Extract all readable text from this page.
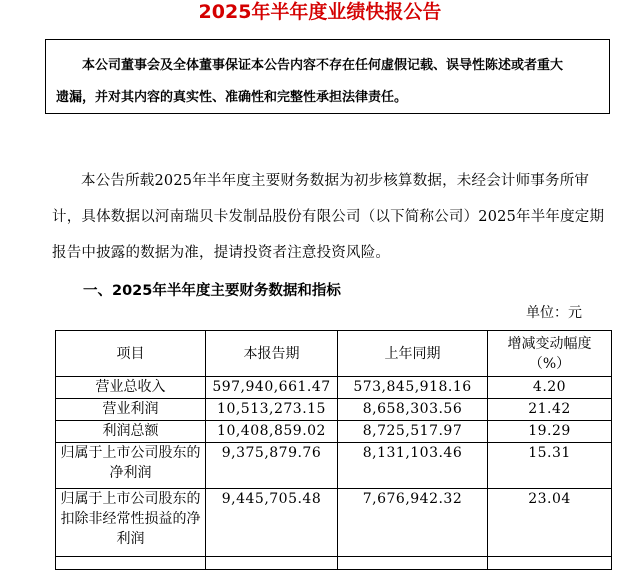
2025年半年度业绩快报公告
本公司董事会及全体董事保证本公告内容不存在任何虚假记载、误导性陈述或者重大
遗漏，并对其内容的真实性、准确性和完整性承担法律责任。
本公告所载2025年半年度主要财务数据为初步核算数据，未经会计师事务所审计，具体数据以河南瑞贝卡发制品股份有限公司（以下简称公司）2025年半年度定期报告中披露的数据为准，提请投资者注意投资风险。
一、2025年半年度主要财务数据和指标
单位：元
项目	本报告期	上年同期	增减变动幅度（%）
营业总收入	597,940,661.47	573,845,918.16	4.20
营业利润	10,513,273.15	8,658,303.56	21.42
利润总额	10,408,859.02	8,725,517.97	19.29
归属于上市公司股东的净利润	9,375,879.76	8,131,103.46	15.31
归属于上市公司股东的扣除非经常性损益的净利润	9,445,705.48	7,676,942.32	23.04
